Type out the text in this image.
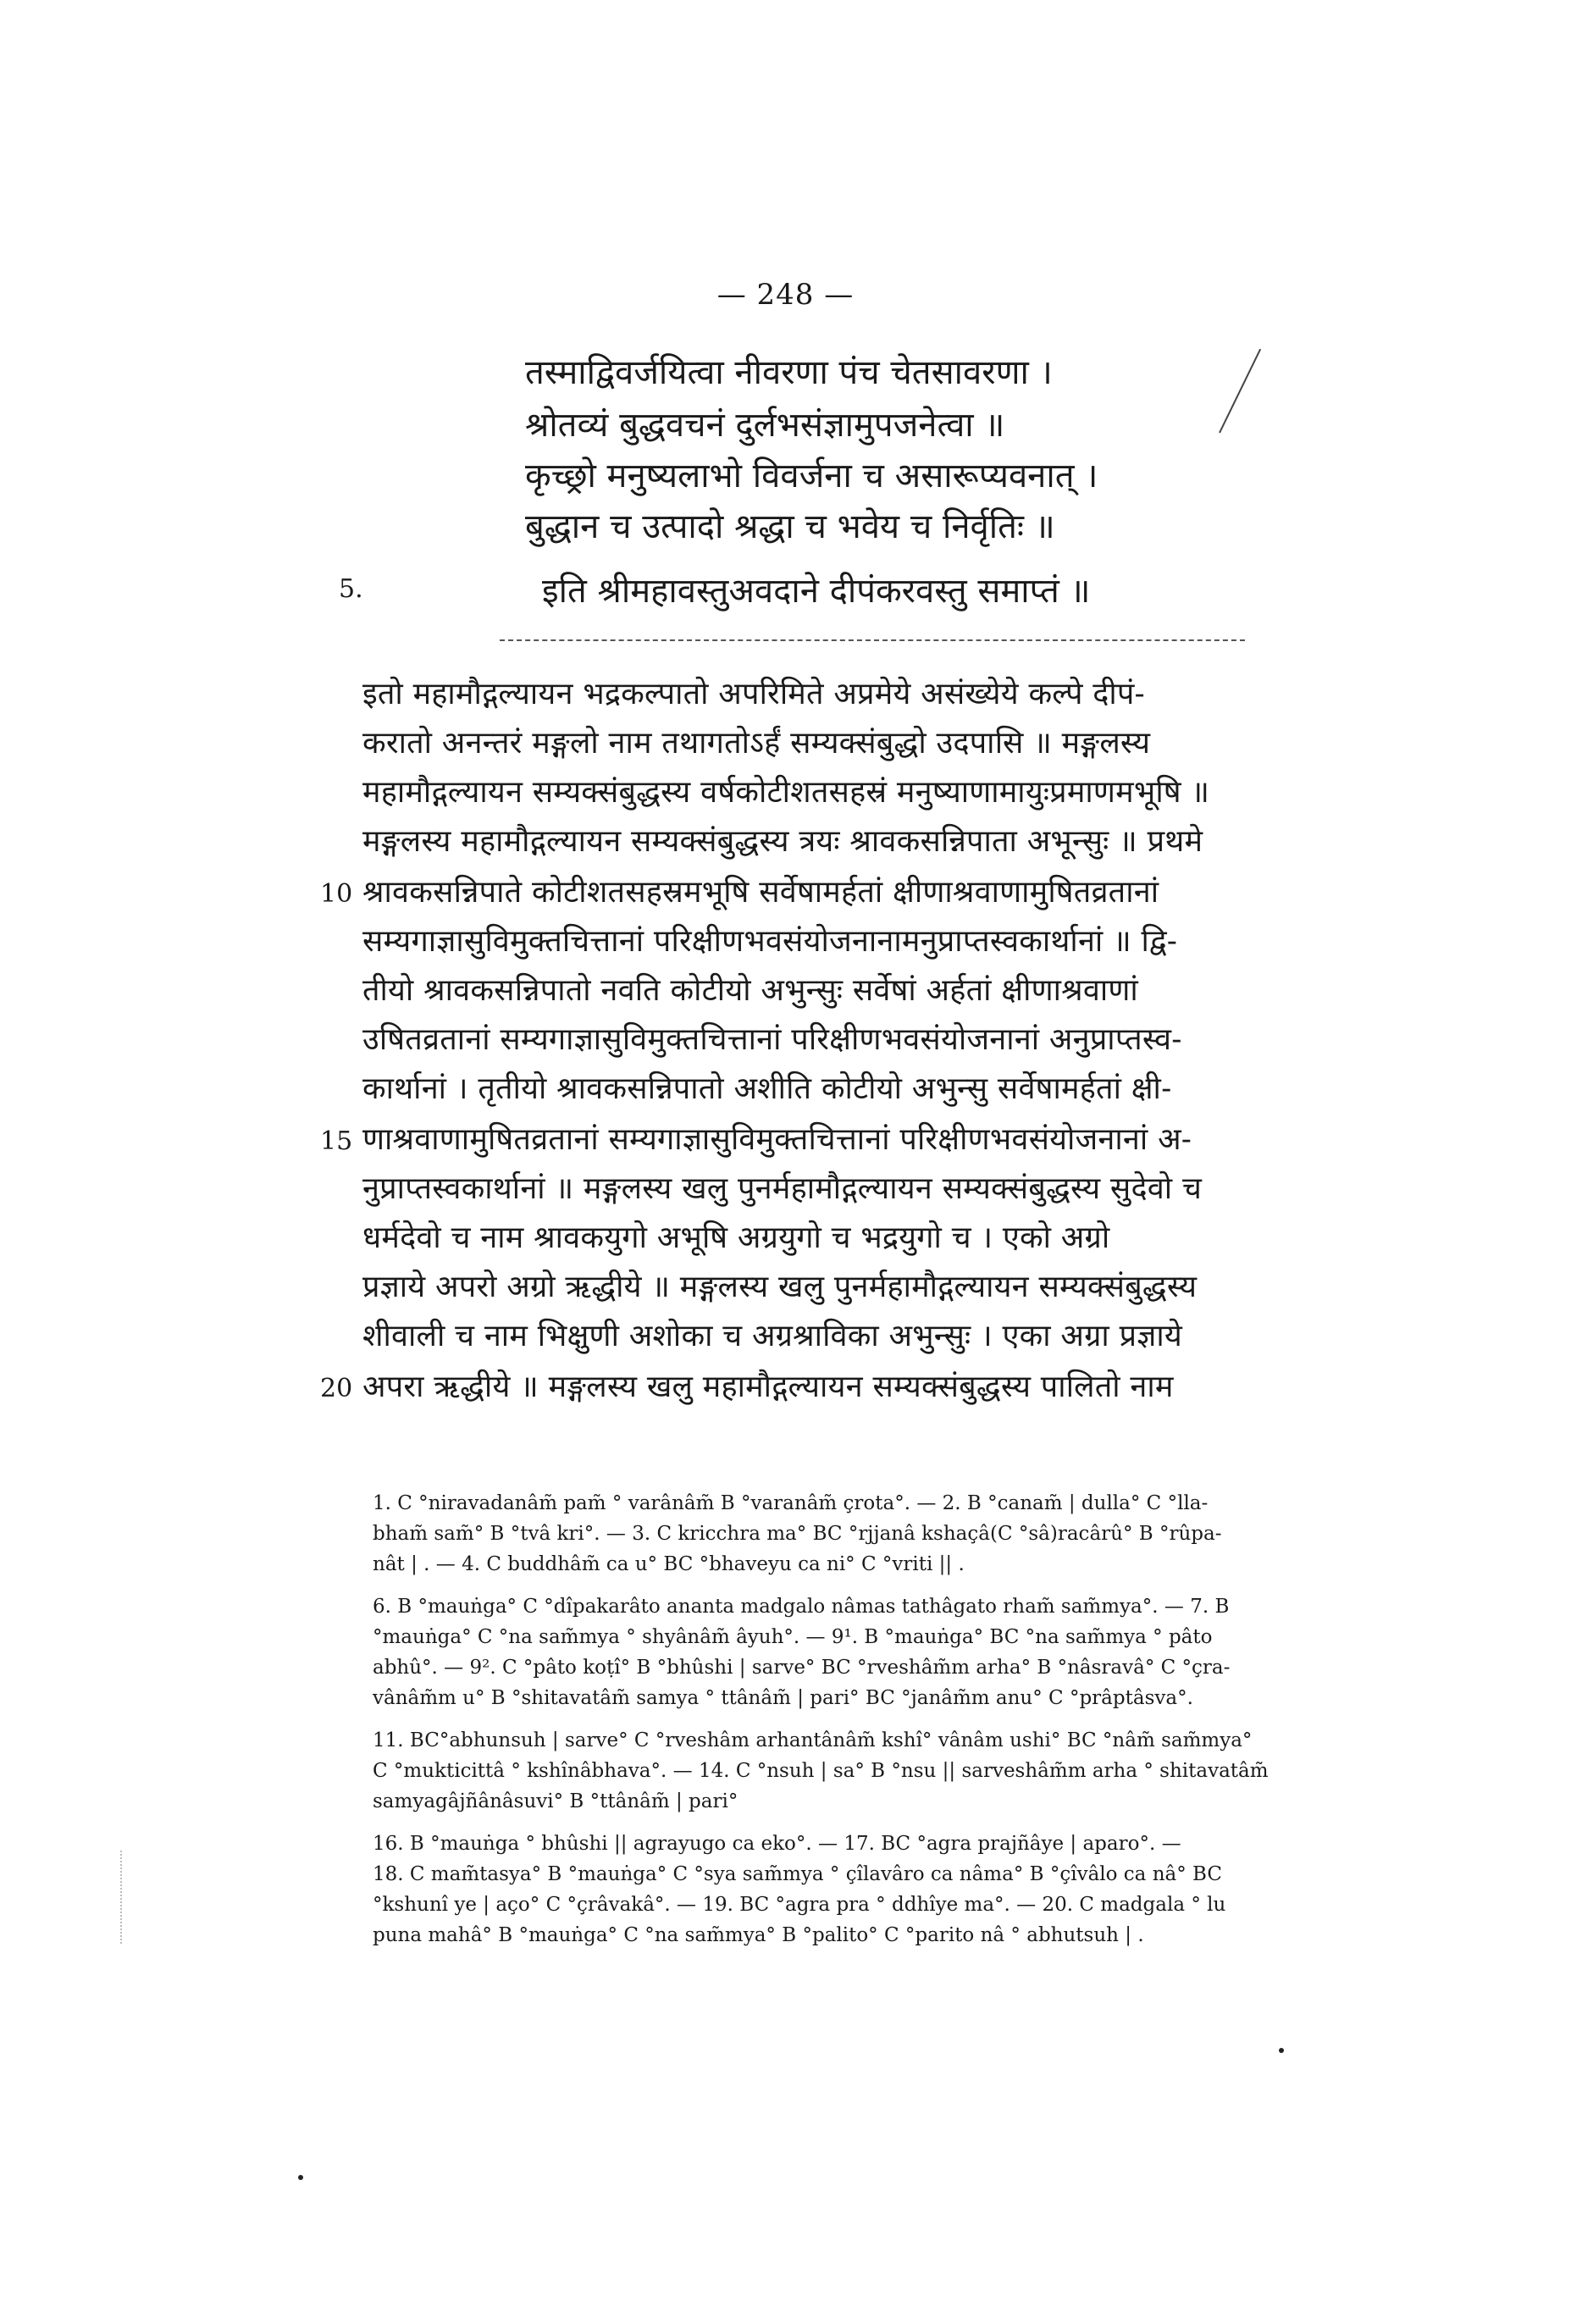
— 248 —
तस्माद्विवर्जयित्वा नीवरणा पंच चेतसावरणा ।
श्रोतव्यं बुद्धवचनं दुर्लभसंज्ञामुपजनेत्वा ॥
कृच्छ्रो मनुष्यलाभो विवर्जना च असारूप्यवनात् ।
बुद्धान च उत्पादो श्रद्धा च भवेय च निर्वृतिः ॥
5.	इति श्रीमहावस्तुअवदाने दीपंकरवस्तु समाप्तं ॥
इतो महामौद्गल्यायन भद्रकल्पातो अपरिमिते अप्रमेये असंख्येये कल्पे दीपं-
करातो अनन्तरं मङ्गलो नाम तथागतोऽर्हं सम्यक्संबुद्धो उदपासि ॥ मङ्गलस्य
महामौद्गल्यायन सम्यक्संबुद्धस्य वर्षकोटीशतसहस्रं मनुष्याणामायुःप्रमाणमभूषि ॥
मङ्गलस्य महामौद्गल्यायन सम्यक्संबुद्धस्य त्रयः श्रावकसन्निपाता अभून्सुः ॥ प्रथमे
10 श्रावकसन्निपाते कोटीशतसहस्रमभूषि सर्वेषामर्हतां क्षीणाश्रवाणामुषितव्रतानां
सम्यगाज्ञासुविमुक्तचित्तानां परिक्षीणभवसंयोजनानामनुप्राप्तस्वकार्थानां ॥ द्वि-
तीयो श्रावकसन्निपातो नवति कोटीयो अभुन्सुः सर्वेषां अर्हतां क्षीणाश्रवाणां
उषितव्रतानां सम्यगाज्ञासुविमुक्तचित्तानां परिक्षीणभवसंयोजनानां अनुप्राप्तस्व-
कार्थानां । तृतीयो श्रावकसन्निपातो अशीति कोटीयो अभुन्सु सर्वेषामर्हतां क्षी-
15 णाश्रवाणामुषितव्रतानां सम्यगाज्ञासुविमुक्तचित्तानां परिक्षीणभवसंयोजनानां अ-
नुप्राप्तस्वकार्थानां ॥ मङ्गलस्य खलु पुनर्महामौद्गल्यायन सम्यक्संबुद्धस्य सुदेवो च
धर्मदेवो च नाम श्रावकयुगो अभूषि अग्रयुगो च भद्रयुगो च । एको अग्रो
प्रज्ञाये अपरो अग्रो ऋद्धीये ॥ मङ्गलस्य खलु पुनर्महामौद्गल्यायन सम्यक्संबुद्धस्य
शीवाली च नाम भिक्षुणी अशोका च अग्रश्राविका अभुन्सुः । एका अग्रा प्रज्ञाये
20 अपरा ऋद्धीये ॥ मङ्गलस्य खलु महामौद्गल्यायन सम्यक्संबुद्धस्य पालितो नाम
1. C °niravadanâm̃ pam̃ ° varânâm̃ B °varanâm̃ çrota°. — 2. B °canam̃ | dulla° C °lla-
bham̃ sam̃° B °tvâ kri°. — 3. C kricchra ma° BC °rjjanâ kshaçâ(C °sâ)racârû° B °rûpa-
nât | . — 4. C buddhâm̃ ca u° BC °bhaveyu ca ni° C °vriti || .
6. B °mauṅga° C °dîpakarâto ananta madgalo nâmas tathâgato rham̃ sam̃mya°. — 7. B
°mauṅga° C °na sam̃mya ° shyânâm̃ âyuh°. — 9¹. B °mauṅga° BC °na sam̃mya ° pâto
abhû°. — 9². C °pâto koṭî° B °bhûshi | sarve° BC °rveshâm̃m arha° B °nâsravâ° C °çra-
vânâm̃m u° B °shitavatâm̃ samya ° ttânâm̃ | pari° BC °janâm̃m anu° C °prâptâsva°.
11. BC°abhunsuh | sarve° C °rveshâm arhantânâm̃ kshî° vânâm ushi° BC °nâm̃ sam̃mya°
C °mukticittâ ° kshînâbhava°. — 14. C °nsuh | sa° B °nsu || sarveshâm̃m arha ° shitavatâm̃
samyagâjñânâsuvi° B °ttânâm̃ | pari°
16. B °mauṅga ° bhûshi || agrayugo ca eko°. — 17. BC °agra prajñâye | aparo°. —
18. C mam̃tasya° B °mauṅga° C °sya sam̃mya ° çîlavâro ca nâma° B °çîvâlo ca nâ° BC
°kshunî ye | açο° C °çrâvakâ°. — 19. BC °agra pra ° ddhîye ma°. — 20. C madgala ° lu
puna mahâ° B °mauṅga° C °na sam̃mya° B °palito° C °parito nâ ° abhutsuh | .
